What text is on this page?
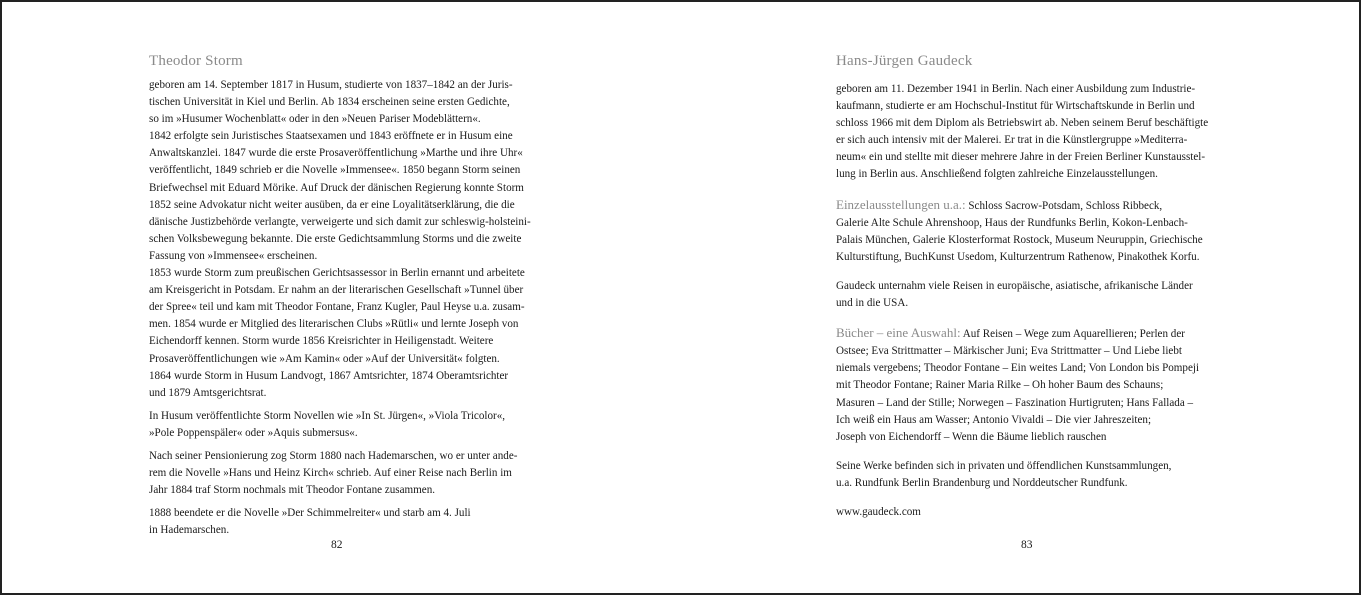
Theodor Storm
geboren am 14. September 1817 in Husum, studierte von 1837–1842 an der Juris-
tischen Universität in Kiel und Berlin. Ab 1834 erscheinen seine ersten Gedichte,
so im »Husumer Wochenblatt« oder in den »Neuen Pariser Modeblättern«.
1842 erfolgte sein Juristisches Staatsexamen und 1843 eröffnete er in Husum eine
Anwaltskanzlei. 1847 wurde die erste Prosaveröffentlichung »Marthe und ihre Uhr«
veröffentlicht, 1849 schrieb er die Novelle »Immensee«. 1850 begann Storm seinen
Briefwechsel mit Eduard Mörike. Auf Druck der dänischen Regierung konnte Storm
1852 seine Advokatur nicht weiter ausüben, da er eine Loyalitätserklärung, die die
dänische Justizbehörde verlangte, verweigerte und sich damit zur schleswig-holsteini-
schen Volksbewegung bekannte. Die erste Gedichtsammlung Storms und die zweite
Fassung von »Immensee« erscheinen.
1853 wurde Storm zum preußischen Gerichtsassessor in Berlin ernannt und arbeitete
am Kreisgericht in Potsdam. Er nahm an der literarischen Gesellschaft »Tunnel über
der Spree« teil und kam mit Theodor Fontane, Franz Kugler, Paul Heyse u.a. zusam-
men. 1854 wurde er Mitglied des literarischen Clubs »Rütli« und lernte Joseph von
Eichendorff kennen. Storm wurde 1856 Kreisrichter in Heiligenstadt. Weitere
Prosaveröffentlichungen wie »Am Kamin« oder »Auf der Universität« folgten.
1864 wurde Storm in Husum Landvogt, 1867 Amtsrichter, 1874 Oberamtsrichter
und 1879 Amtsgerichtsrat.
In Husum veröffentlichte Storm Novellen wie »In St. Jürgen«, »Viola Tricolor«,
»Pole Poppenspäler« oder »Aquis submersus«.
Nach seiner Pensionierung zog Storm 1880 nach Hademarschen, wo er unter ande-
rem die Novelle »Hans und Heinz Kirch« schrieb. Auf einer Reise nach Berlin im
Jahr 1884 traf Storm nochmals mit Theodor Fontane zusammen.
1888 beendete er die Novelle »Der Schimmelreiter« und starb am 4. Juli
in Hademarschen.
82
Hans-Jürgen Gaudeck
geboren am 11. Dezember 1941 in Berlin. Nach einer Ausbildung zum Industrie-
kaufmann, studierte er am Hochschul-Institut für Wirtschaftskunde in Berlin und
schloss 1966 mit dem Diplom als Betriebswirt ab. Neben seinem Beruf beschäftigte
er sich auch intensiv mit der Malerei. Er trat in die Künstlergruppe »Mediterra-
neum« ein und stellte mit dieser mehrere Jahre in der Freien Berliner Kunstausstel-
lung in Berlin aus. Anschließend folgten zahlreiche Einzelausstellungen.
Einzelausstellungen u.a.: Schloss Sacrow-Potsdam, Schloss Ribbeck,
Galerie Alte Schule Ahrenshoop, Haus der Rundfunks Berlin, Kokon-Lenbach-
Palais München, Galerie Klosterformat Rostock, Museum Neuruppin, Griechische
Kulturstiftung, BuchKunst Usedom, Kulturzentrum Rathenow, Pinakothek Korfu.
Gaudeck unternahm viele Reisen in europäische, asiatische, afrikanische Länder
und in die USA.
Bücher – eine Auswahl: Auf Reisen – Wege zum Aquarellieren; Perlen der
Ostsee; Eva Strittmatter – Märkischer Juni; Eva Strittmatter – Und Liebe liebt
niemals vergebens; Theodor Fontane – Ein weites Land; Von London bis Pompeji
mit Theodor Fontane; Rainer Maria Rilke – Oh hoher Baum des Schauns;
Masuren – Land der Stille; Norwegen – Faszination Hurtigruten; Hans Fallada –
Ich weiß ein Haus am Wasser; Antonio Vivaldi – Die vier Jahreszeiten;
Joseph von Eichendorff – Wenn die Bäume lieblich rauschen
Seine Werke befinden sich in privaten und öffendlichen Kunstsammlungen,
u.a. Rundfunk Berlin Brandenburg und Norddeutscher Rundfunk.
www.gaudeck.com
83
